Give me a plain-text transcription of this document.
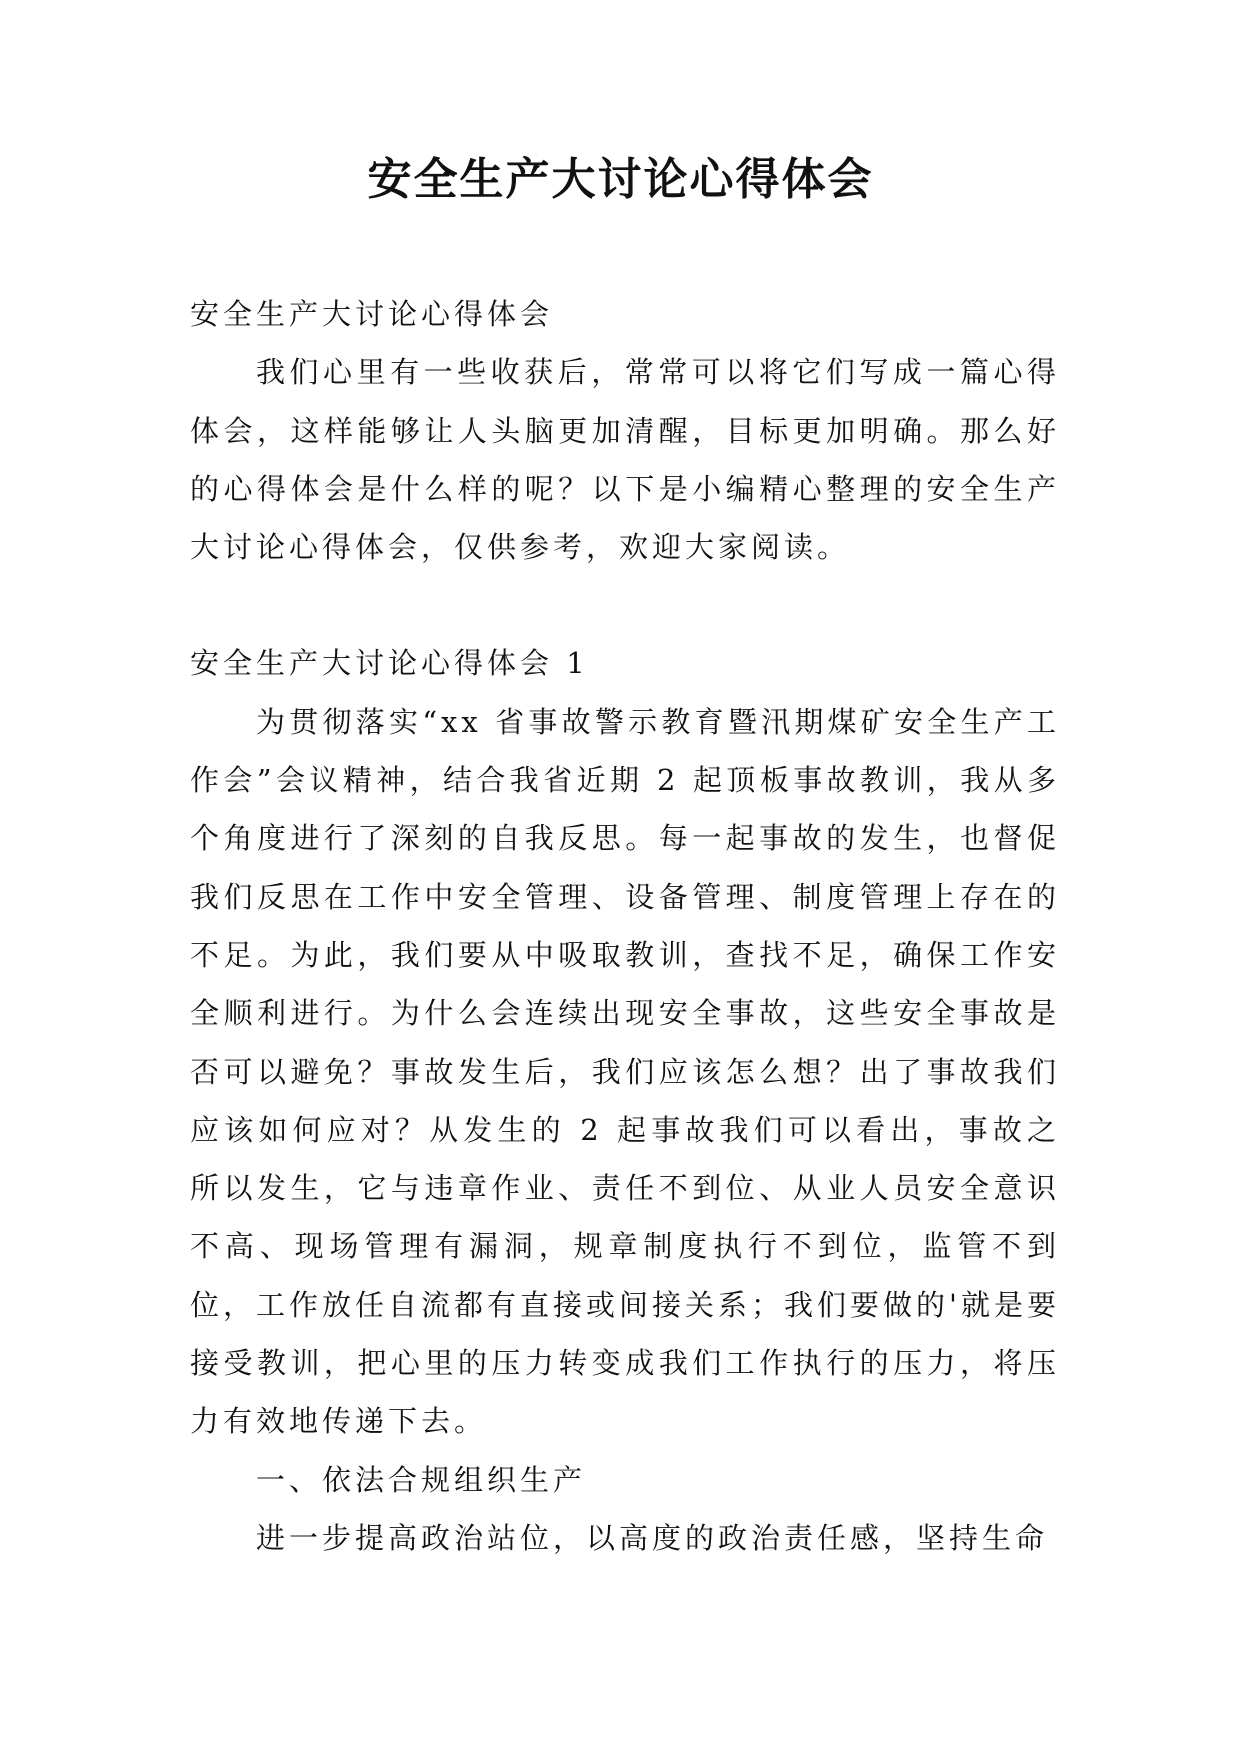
安全生产大讨论心得体会

安全生产大讨论心得体会

我们心里有一些收获后，常常可以将它们写成一篇心得体会，这样能够让人头脑更加清醒，目标更加明确。那么好的心得体会是什么样的呢？以下是小编精心整理的安全生产大讨论心得体会，仅供参考，欢迎大家阅读。

安全生产大讨论心得体会 1

为贯彻落实“xx 省事故警示教育暨汛期煤矿安全生产工作会”会议精神，结合我省近期 2 起顶板事故教训，我从多个角度进行了深刻的自我反思。每一起事故的发生，也督促我们反思在工作中安全管理、设备管理、制度管理上存在的不足。为此，我们要从中吸取教训，查找不足，确保工作安全顺利进行。为什么会连续出现安全事故，这些安全事故是否可以避免？事故发生后，我们应该怎么想？出了事故我们应该如何应对？从发生的 2 起事故我们可以看出，事故之所以发生，它与违章作业、责任不到位、从业人员安全意识不高、现场管理有漏洞，规章制度执行不到位，监管不到位，工作放任自流都有直接或间接关系；我们要做的'就是要接受教训，把心里的压力转变成我们工作执行的压力，将压力有效地传递下去。

一、依法合规组织生产

进一步提高政治站位，以高度的政治责任感，坚持生命
